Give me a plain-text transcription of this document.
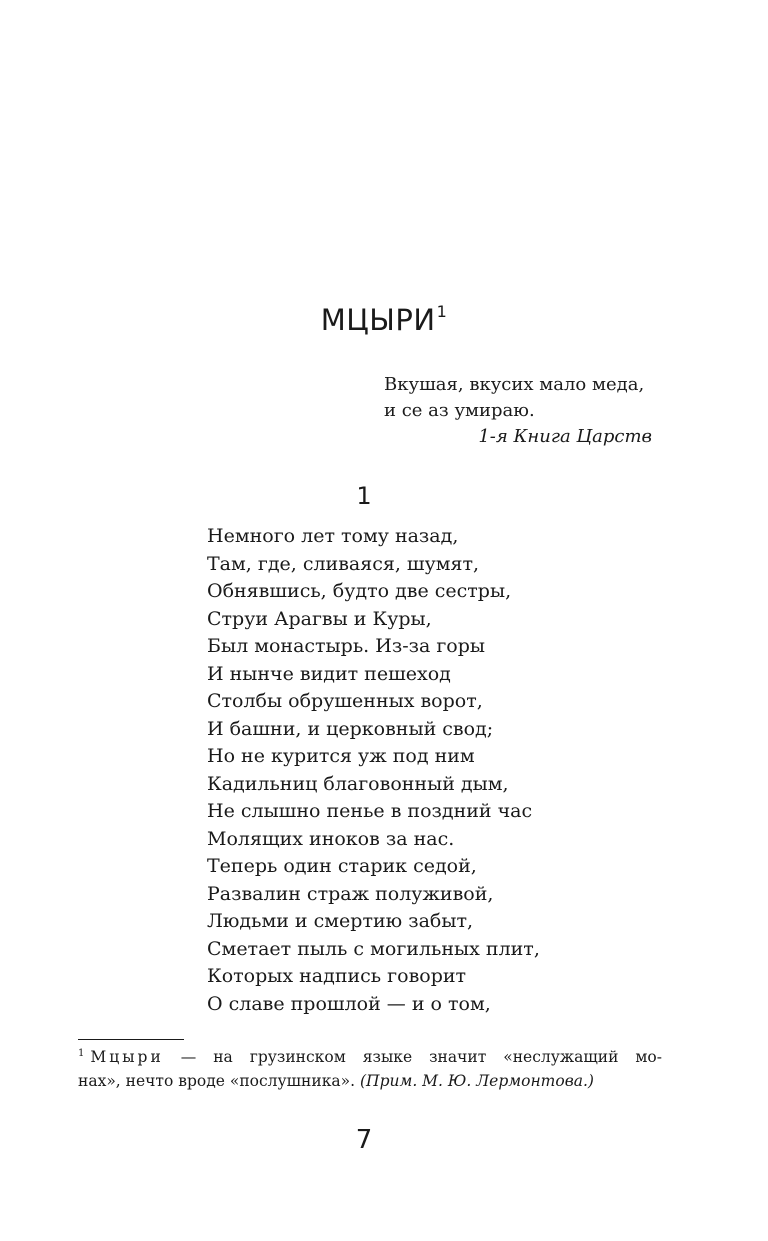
МЦЫРИ$^1$
Вкушая, вкусих мало меда,
и се аз умираю.
1-я Книга Царств
1
Немного лет тому назад,
Там, где, сливаяся, шумят,
Обнявшись, будто две сестры,
Струи Арагвы и Куры,
Был монастырь. Из-за горы
И нынче видит пешеход
Столбы обрушенных ворот,
И башни, и церковный свод;
Но не курится уж под ним
Кадильниц благовонный дым,
Не слышно пенье в поздний час
Молящих иноков за нас.
Теперь один старик седой,
Развалин страж полуживой,
Людьми и смертию забыт,
Сметает пыль с могильных плит,
Которых надпись говорит
О славе прошлой — и о том,
$^1$ Мцыри — на грузинском языке значит «неслужащий мо-
нах», нечто вроде «послушника». (Прим. М. Ю. Лермонтова.)
7
